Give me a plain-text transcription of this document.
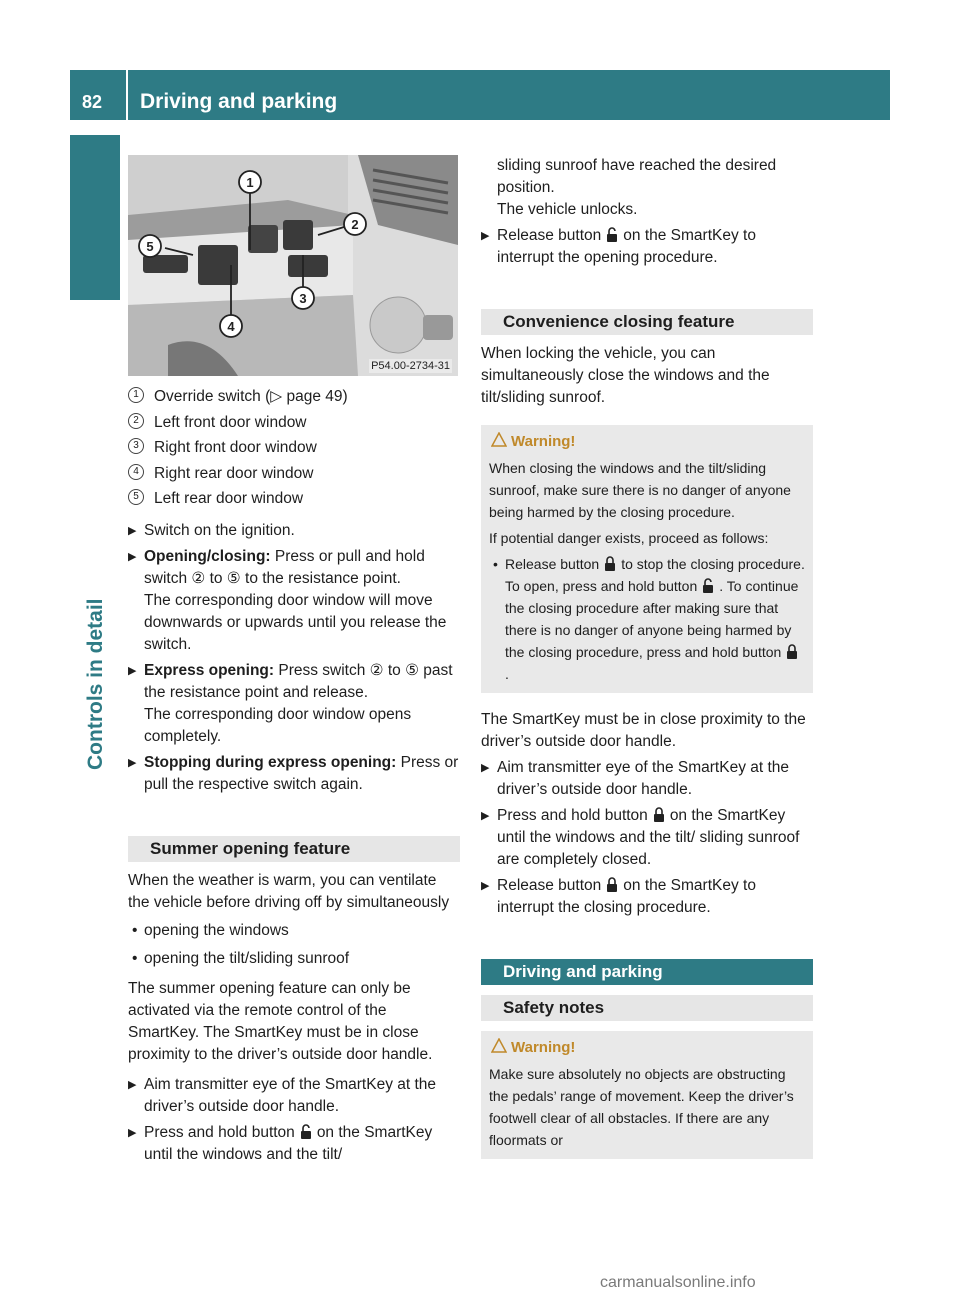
82 Driving and parking
Controls in detail
1
2
3
4
5
P54.00-2734-31
1 Override switch (▷ page 49)
2 Left front door window
3 Right front door window
4 Right rear door window
5 Left rear door window
▶ Switch on the ignition.
▶ Opening/closing: Press or pull and hold switch ② to ⑤ to the resistance point.
The corresponding door window will move downwards or upwards until you release the switch.
▶ Express opening: Press switch ② to ⑤ past the resistance point and release.
The corresponding door window opens completely.
▶ Stopping during express opening: Press or pull the respective switch again.
Summer opening feature

When the weather is warm, you can ventilate the vehicle before driving off by simultaneously

• opening the windows
• opening the tilt/sliding sunroof

The summer opening feature can only be activated via the remote control of the SmartKey. The SmartKey must be in close proximity to the driver’s outside door handle.

▶ Aim transmitter eye of the SmartKey at the driver’s outside door handle.
▶ Press and hold button on the SmartKey until the windows and the tilt/
sliding sunroof have reached the desired position.
The vehicle unlocks.
▶ Release button on the SmartKey to interrupt the opening procedure.
Convenience closing feature

When locking the vehicle, you can simultaneously close the windows and the tilt/sliding sunroof.

Warning!

When closing the windows and the tilt/sliding sunroof, make sure there is no danger of anyone being harmed by the closing procedure.

If potential danger exists, proceed as follows:

• Release button to stop the closing procedure. To open, press and hold button . To continue the closing procedure after making sure that there is no danger of anyone being harmed by the closing procedure, press and hold button.

The SmartKey must be in close proximity to the driver’s outside door handle.

▶ Aim transmitter eye of the SmartKey at the driver’s outside door handle.
▶ Press and hold button on the SmartKey until the windows and the tilt/ sliding sunroof are completely closed.
▶ Release button on the SmartKey to interrupt the closing procedure.
Driving and parking
Safety notes
Warning!

Make sure absolutely no objects are obstructing the pedals’ range of movement. Keep the driver’s footwell clear of all obstacles. If there are any floormats or

carmanualsonline.info
